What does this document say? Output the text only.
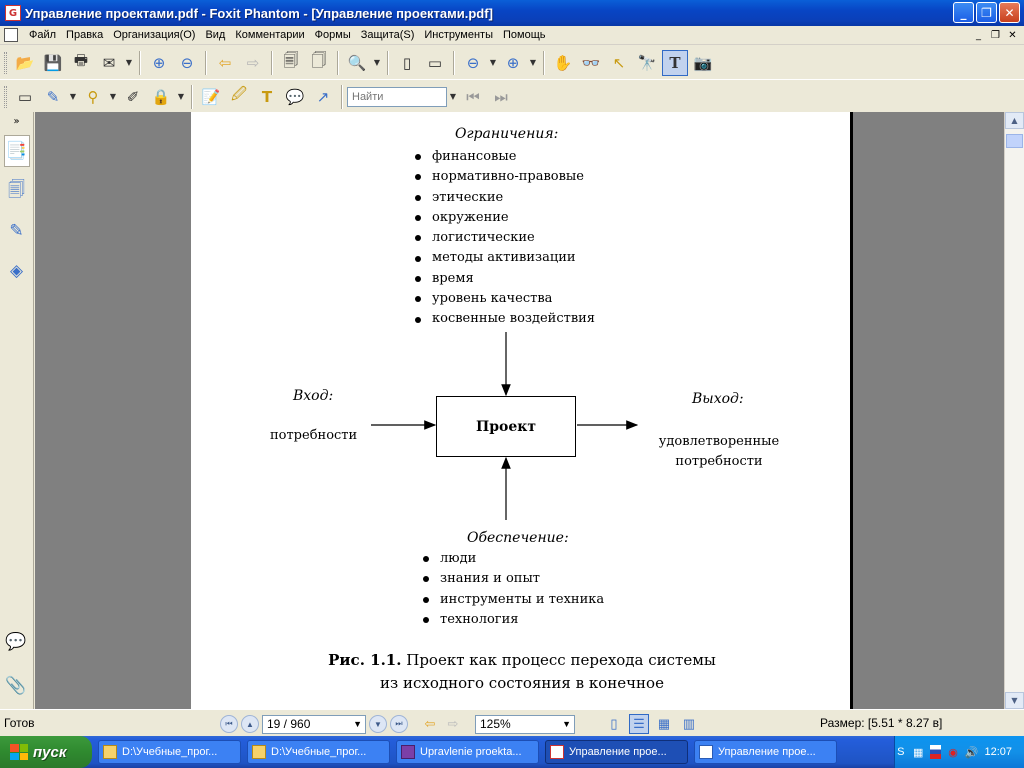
G Управление проектами.pdf - Foxit Phantom - [Управление проектами.pdf]	_	❐	✕
Файл Правка Организация(O) Вид Комментарии Формы Защита(S) Инструменты Помощь	_	❐ ✕
📂 💾 🖶 ✉	▼	⊕	⊖	⇦	⇨	🗐 🗍	🔍 ▼	▯	▭	⊖	▼ ⊕	▼ ✋ 👓 ↖ 🔭 T 📷
▭ ✎	▼ ⚲	▼ ✐ 🔒 ▼ 📝 🖉 T 💬 ↗
Найти	▼ ⏮ ⏭
»
📑
🗐
✎
◈
💬
📎
Ограничения:
финансовые
нормативно-правовые
этические
окружение
логистические
методы активизации
время
уровень качества
косвенные воздействия
Проект
Вход:
потребности
Выход:
удовлетворенные
потребности
Обеспечение:
люди
знания и опыт
инструменты и техника
технология
Рис. 1.1. Проект как процесс перехода системы
из исходного состояния в конечное
▲
▼
Готов	⏮	▲	19 / 960	▼	▼	⏭	⇦ ⇨ 125%	▼	▯	☰	▦ ▥	Размер: [5.51 * 8.27 в]
пуск	D:\Учебные_прог...	D:\Учебные_прог...	Upravlenie proekta...	Управление прое...	Управление прое...	S ▦ ◉ 🔊 12:07
